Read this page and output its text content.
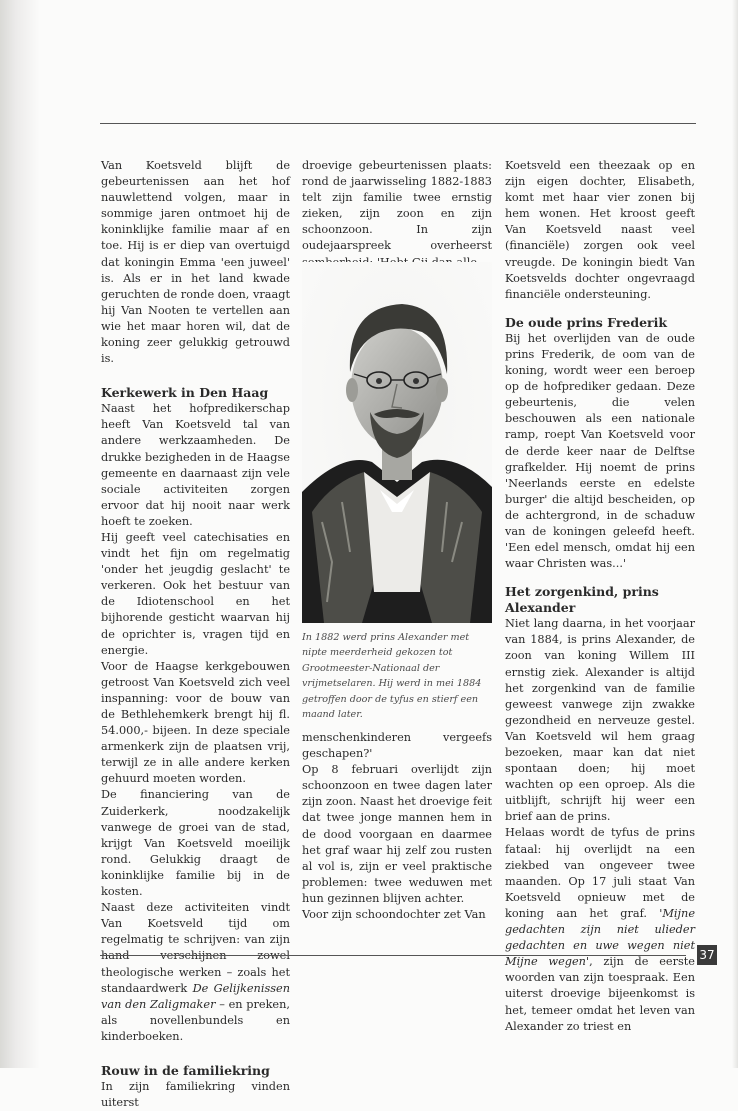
Van Koetsveld blijft de gebeurtenissen aan het hof nauwlettend volgen, maar in sommige jaren ontmoet hij de koninklijke familie maar af en toe. Hij is er diep van overtuigd dat koningin Emma 'een juweel' is. Als er in het land kwade geruchten de ronde doen, vraagt hij Van Nooten te vertellen aan wie het maar horen wil, dat de koning zeer gelukkig getrouwd is.

Kerkewerk in Den Haag

Naast het hofpredikerschap heeft Van Koetsveld tal van andere werkzaamheden. De drukke bezigheden in de Haagse gemeente en daarnaast zijn vele sociale activiteiten zorgen ervoor dat hij nooit naar werk hoeft te zoeken.

Hij geeft veel catechisaties en vindt het fijn om regelmatig 'onder het jeugdig geslacht' te verkeren. Ook het bestuur van de Idiotenschool en het bijhorende gesticht waarvan hij de oprichter is, vragen tijd en energie.

Voor de Haagse kerkgebouwen getroost Van Koetsveld zich veel inspanning: voor de bouw van de Bethlehemkerk brengt hij fl. 54.000,- bijeen. In deze speciale armenkerk zijn de plaatsen vrij, terwijl ze in alle andere kerken gehuurd moeten worden.

De financiering van de Zuiderkerk, noodzakelijk vanwege de groei van de stad, krijgt Van Koetsveld moeilijk rond. Gelukkig draagt de koninklijke familie bij in de kosten.

Naast deze activiteiten vindt Van Koetsveld tijd om regelmatig te schrijven: van zijn hand verschijnen zowel theologische werken – zoals het standaardwerk De Gelijkenissen van den Zaligmaker – en preken, als novellenbundels en kinderboeken.

Rouw in de familiekring

In zijn familiekring vinden uiterst

droevige gebeurtenissen plaats: rond de jaarwisseling 1882-1883 telt zijn familie twee ernstig zieken, zijn zoon en zijn schoonzoon. In zijn oudejaarspreek overheerst

In 1882 werd prins Alexander met nipte meerderheid gekozen tot Grootmeester-Nationaal der vrijmetselaren. Hij werd in mei 1884 getroffen door de tyfus en stierf een maand later.

menschenkinderen vergeefs geschapen?'

Op 8 februari overlijdt zijn schoonzoon en twee dagen later zijn zoon. Naast het droevige feit dat twee jonge mannen hem in de dood voorgaan en daarmee het graf waar hij zelf zou rusten al vol is, zijn er veel praktische problemen: twee weduwen met hun gezinnen blijven achter.

Voor zijn schoondochter zet Van

Koetsveld een theezaak op en zijn eigen dochter, Elisabeth, komt met haar vier zonen bij hem wonen. Het kroost geeft Van Koetsveld naast veel (financiële) zorgen ook veel vreugde. De koningin biedt Van Koetsvelds dochter ongevraagd financiële ondersteuning.

De oude prins Frederik

Bij het overlijden van de oude prins Frederik, de oom van de koning, wordt weer een beroep op de hofprediker gedaan. Deze gebeurtenis, die velen beschouwen als een nationale ramp, roept Van Koetsveld voor de derde keer naar de Delftse grafkelder. Hij noemt de prins 'Neerlands eerste en edelste burger' die altijd bescheiden, op de achtergrond, in de schaduw van de koningen geleefd heeft. 'Een edel mensch, omdat hij een waar Christen was...'

Het zorgenkind, prins Alexander

Niet lang daarna, in het voorjaar van 1884, is prins Alexander, de zoon van koning Willem III ernstig ziek. Alexander is altijd het zorgenkind van de familie geweest vanwege zijn zwakke gezondheid en nerveuze gestel. Van Koetsveld wil hem graag bezoeken, maar kan dat niet spontaan doen; hij moet wachten op een oproep. Als die uitblijft, schrijft hij weer een brief aan de prins.

Helaas wordt de tyfus de prins fataal: hij overlijdt na een ziekbed van ongeveer twee maanden. Op 17 juli staat Van Koetsveld opnieuw met de koning aan het graf. 'Mijne gedachten zijn niet ulieder gedachten en uwe wegen niet Mijne wegen', zijn de eerste woorden van zijn toespraak. Een uiterst droevige bijeenkomst is het, temeer omdat het leven van Alexander zo triest en

37
